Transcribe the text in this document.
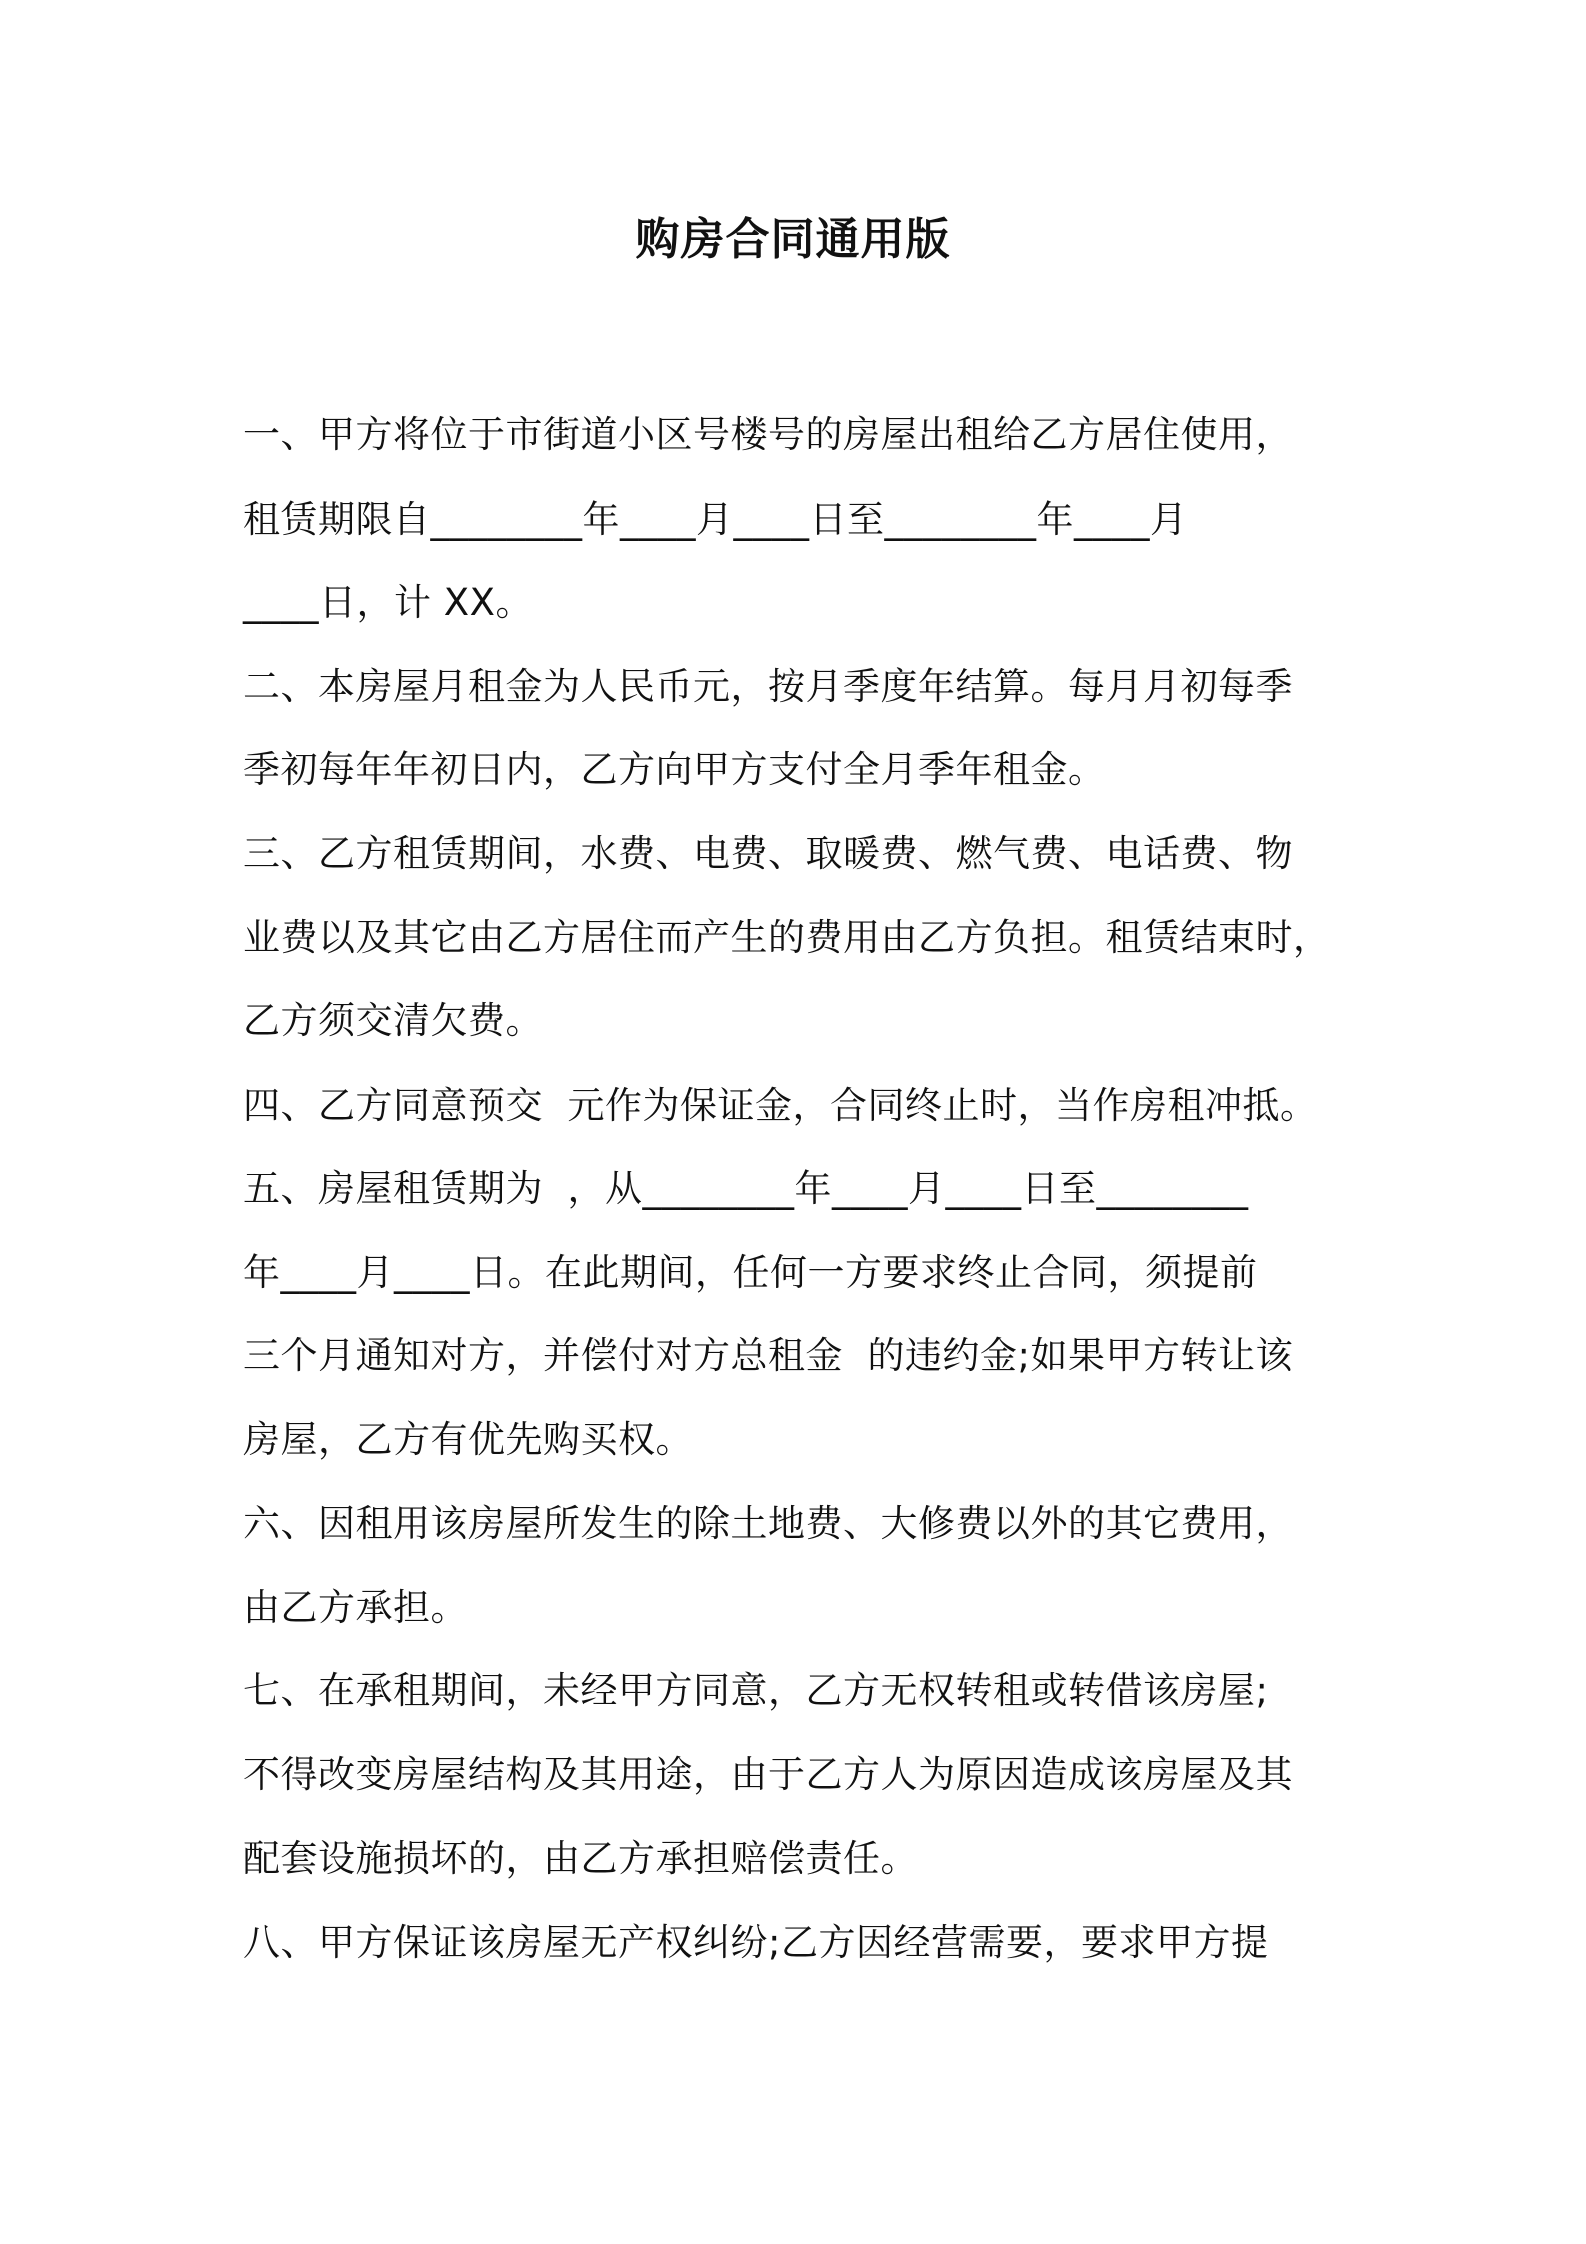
购房合同通用版
一、甲方将位于市街道小区号楼号的房屋出租给乙方居住使用，
租赁期限自________年____月____日至________年____月
____日，计 XX。
二、本房屋月租金为人民币元，按月季度年结算。每月月初每季
季初每年年初日内，乙方向甲方支付全月季年租金。
三、乙方租赁期间，水费、电费、取暖费、燃气费、电话费、物
业费以及其它由乙方居住而产生的费用由乙方负担。租赁结束时，
乙方须交清欠费。
四、乙方同意预交  元作为保证金，合同终止时，当作房租冲抵。
五、房屋租赁期为  ，从________年____月____日至________
年____月____日。在此期间，任何一方要求终止合同，须提前
三个月通知对方，并偿付对方总租金  的违约金;如果甲方转让该
房屋，乙方有优先购买权。
六、因租用该房屋所发生的除土地费、大修费以外的其它费用，
由乙方承担。
七、在承租期间，未经甲方同意，乙方无权转租或转借该房屋;
不得改变房屋结构及其用途，由于乙方人为原因造成该房屋及其
配套设施损坏的，由乙方承担赔偿责任。
八、甲方保证该房屋无产权纠纷;乙方因经营需要，要求甲方提
